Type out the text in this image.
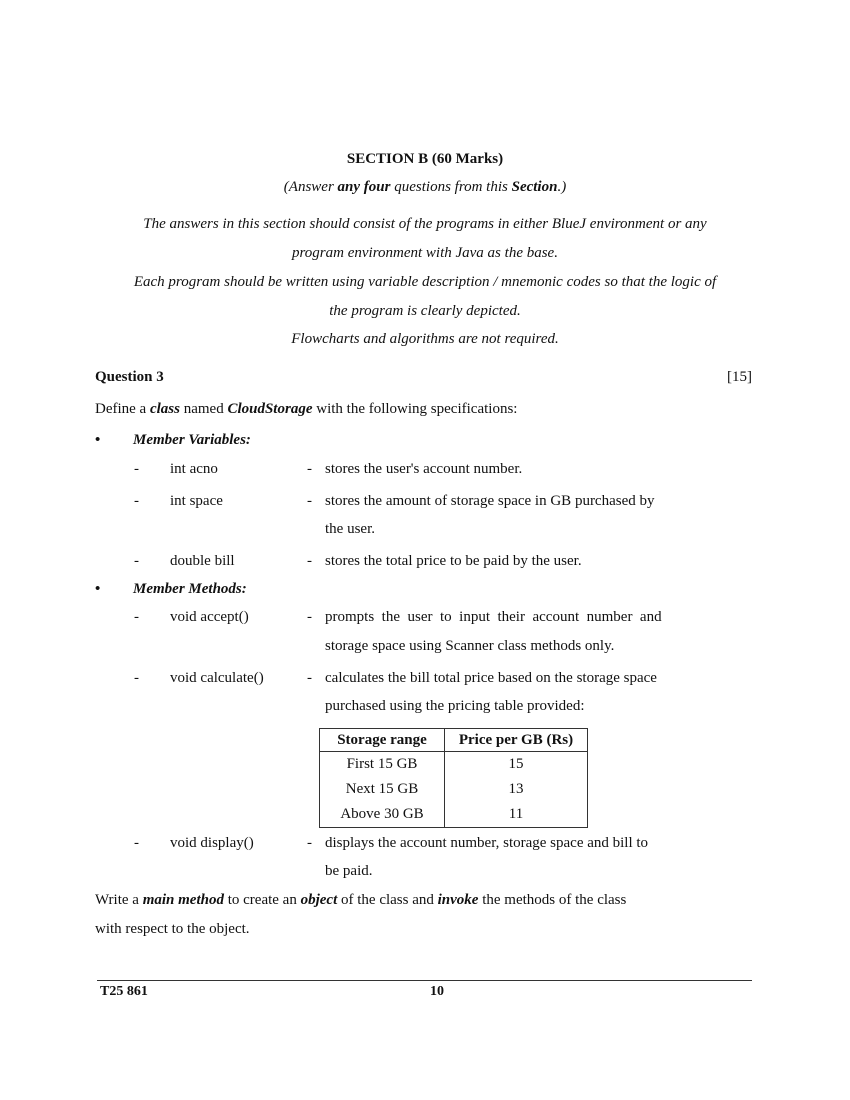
SECTION B (60 Marks)
(Answer any four questions from this Section.)
The answers in this section should consist of the programs in either BlueJ environment or any
program environment with Java as the base.
Each program should be written using variable description / mnemonic codes so that the logic of
the program is clearly depicted.
Flowcharts and algorithms are not required.
Question 3	[15]
Define a class named CloudStorage with the following specifications:
• Member Variables:
- int acno	- stores the user's account number.
- int space	- stores the amount of storage space in GB purchased by
the user.
- double bill	- stores the total price to be paid by the user.
• Member Methods:
- void accept()	- prompts  the  user  to  input  their  account  number  and
storage space using Scanner class methods only.
- void calculate()	- calculates the bill total price based on the storage space
purchased using the pricing table provided:
Storage range	Price per GB (Rs)
First 15 GB	15
Next 15 GB	13
Above 30 GB	11
- void display()	- displays the account number, storage space and bill to
be paid.
Write a main method to create an object of the class and invoke the methods of the class
with respect to the object.
T25 861	10
